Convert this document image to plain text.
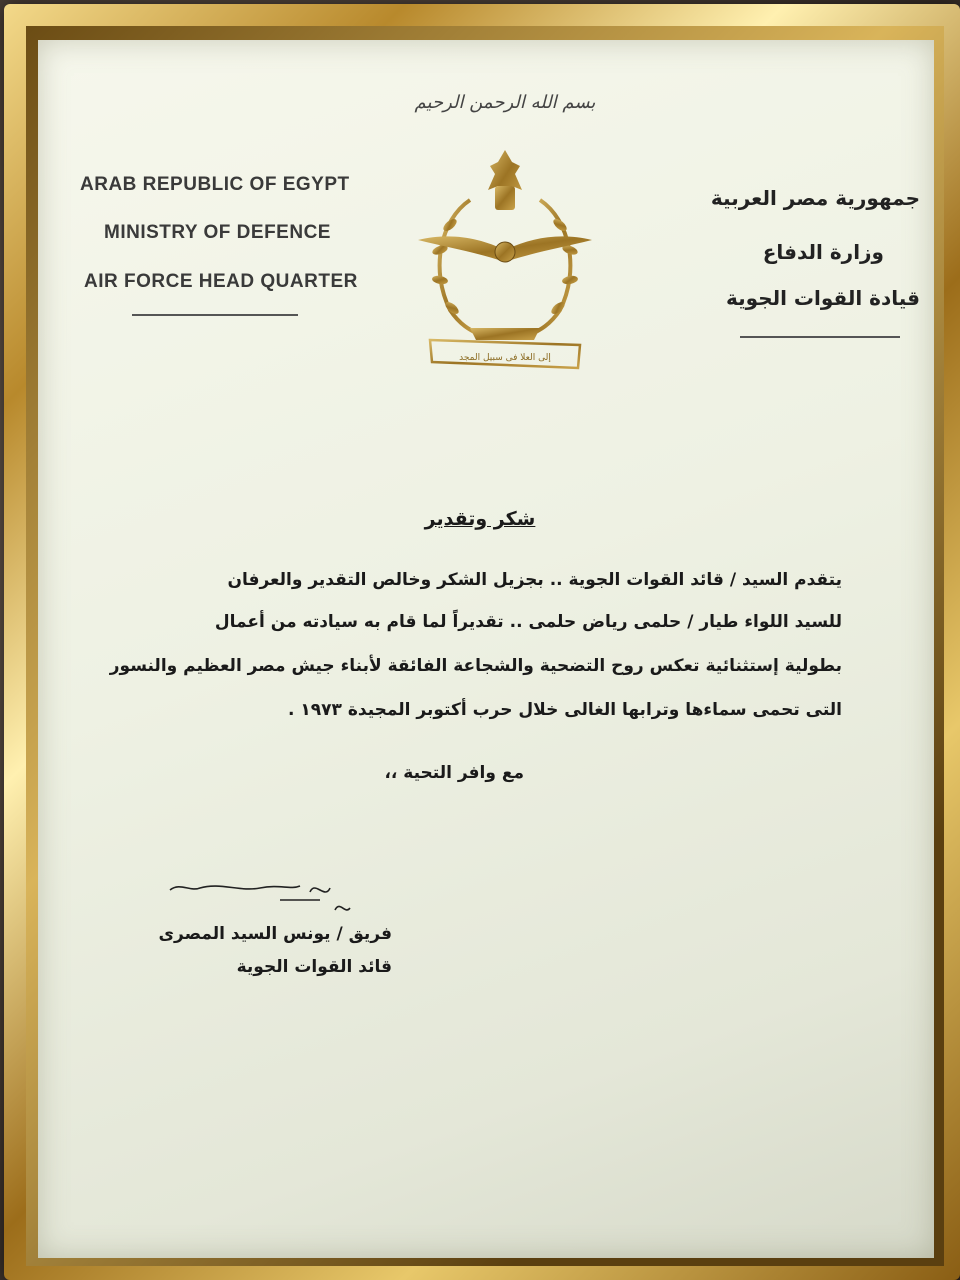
بسم الله الرحمن الرحيم
ARAB REPUBLIC OF EGYPT
MINISTRY OF DEFENCE
AIR FORCE HEAD QUARTER
جمهورية مصر العربية
وزارة الدفاع
قيادة القوات الجوية
إلى العلا فى سبيل المجد
شكر وتقدير
يتقدم السيد / قائد القوات الجوية .. بجزيل الشكر وخالص التقدير والعرفان
للسيد اللواء طيار / حلمى رياض حلمى .. تقديراً لما قام به سيادته من أعمال
بطولية إستثنائية تعكس روح التضحية والشجاعة الفائقة لأبناء جيش مصر العظيم والنسور
التى تحمى سماءها وترابها الغالى خلال حرب أكتوبر المجيدة ١٩٧٣ .
مع وافر التحية ،،
فريق / يونس السيد المصرى
قائد القوات الجوية
